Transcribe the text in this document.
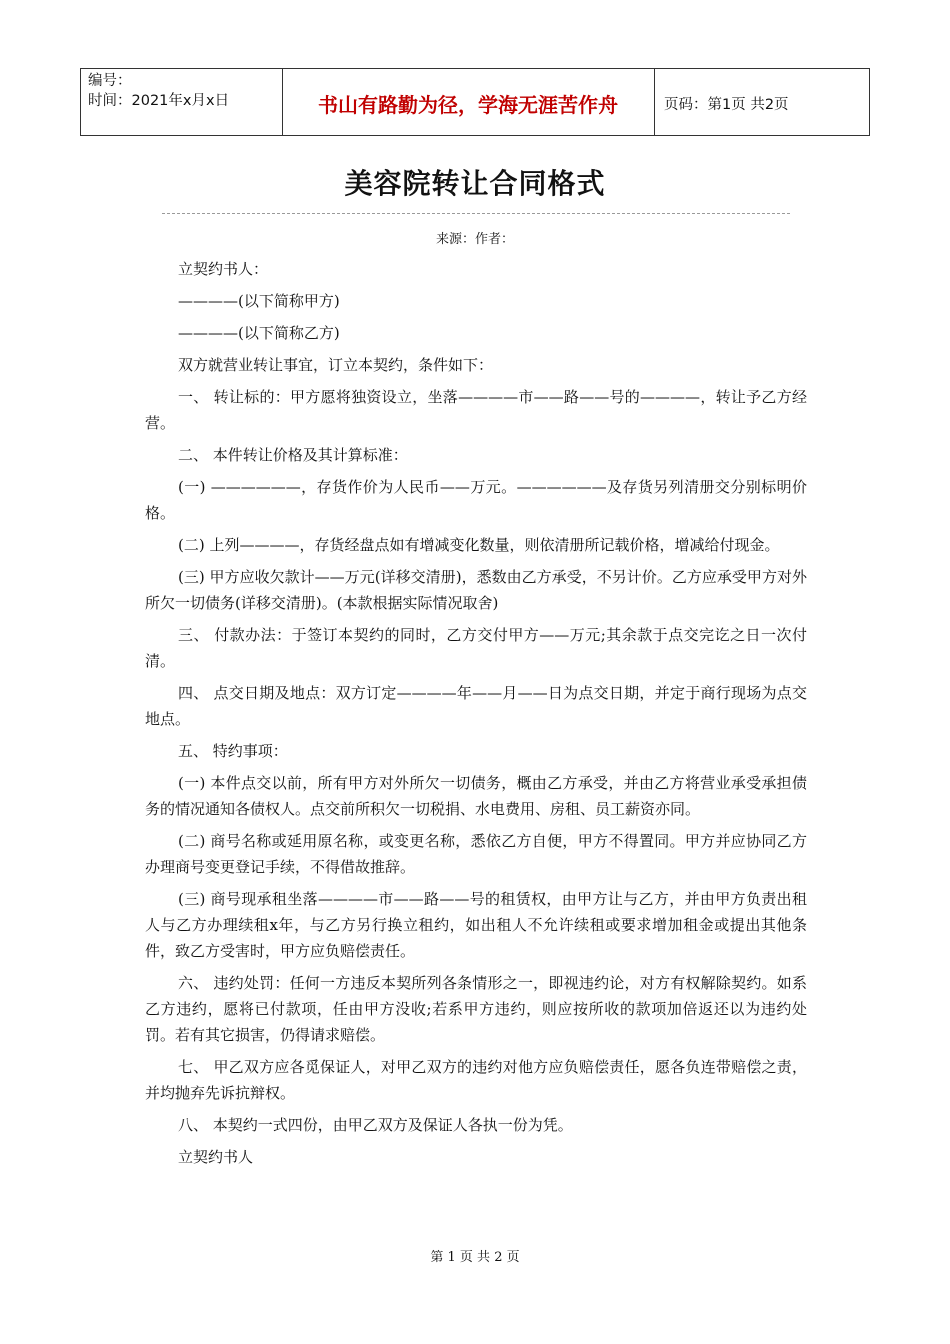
编号：
时间：2021年x月x日	书山有路勤为径，学海无涯苦作舟	页码：第1页 共2页
美容院转让合同格式
来源：作者：

立契约书人：

————(以下简称甲方)

————(以下简称乙方)

双方就营业转让事宜，订立本契约，条件如下：

一、 转让标的：甲方愿将独资设立，坐落————市——路——号的————，转让予乙方经营。

二、 本件转让价格及其计算标准：

(一) ——————，存货作价为人民币——万元。——————及存货另列清册交分别标明价格。

(二) 上列————，存货经盘点如有增减变化数量，则依清册所记载价格，增减给付现金。

(三) 甲方应收欠款计——万元(详移交清册)，悉数由乙方承受，不另计价。乙方应承受甲方对外所欠一切债务(详移交清册)。(本款根据实际情况取舍)

三、 付款办法：于签订本契约的同时，乙方交付甲方——万元;其余款于点交完讫之日一次付清。

四、 点交日期及地点：双方订定————年——月——日为点交日期，并定于商行现场为点交地点。

五、 特约事项：

(一) 本件点交以前，所有甲方对外所欠一切债务，概由乙方承受，并由乙方将营业承受承担债务的情况通知各债权人。点交前所积欠一切税捐、水电费用、房租、员工薪资亦同。

(二) 商号名称或延用原名称，或变更名称，悉依乙方自便，甲方不得置同。甲方并应协同乙方办理商号变更登记手续，不得借故推辞。

(三) 商号现承租坐落————市——路——号的租赁权，由甲方让与乙方，并由甲方负责出租人与乙方办理续租x年，与乙方另行换立租约，如出租人不允许续租或要求增加租金或提出其他条件，致乙方受害时，甲方应负赔偿责任。

六、 违约处罚：任何一方违反本契所列各条情形之一，即视违约论，对方有权解除契约。如系乙方违约，愿将已付款项，任由甲方没收;若系甲方违约，则应按所收的款项加倍返还以为违约处罚。若有其它损害，仍得请求赔偿。

七、 甲乙双方应各觅保证人，对甲乙双方的违约对他方应负赔偿责任，愿各负连带赔偿之责，并均抛弃先诉抗辩权。

八、 本契约一式四份，由甲乙双方及保证人各执一份为凭。

立契约书人

第 1 页 共 2 页
